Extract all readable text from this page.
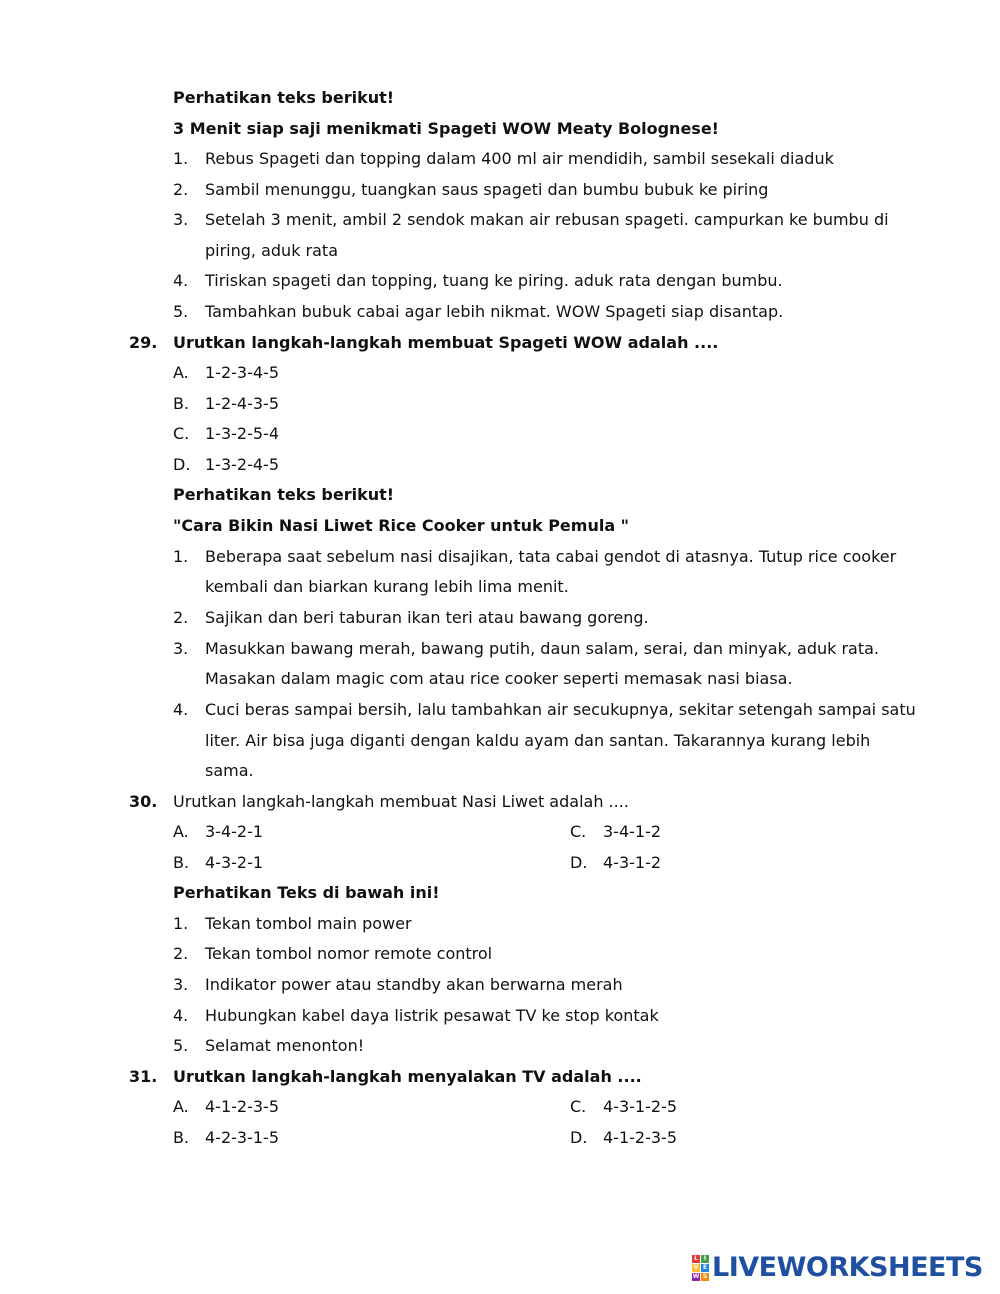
Perhatikan teks berikut!
3 Menit siap saji menikmati Spageti WOW Meaty Bolognese!
1. Rebus Spageti dan topping dalam 400 ml air mendidih, sambil sesekali diaduk
2. Sambil menunggu, tuangkan saus spageti dan bumbu bubuk ke piring
3. Setelah 3 menit, ambil 2 sendok makan air rebusan spageti. campurkan ke bumbu di
piring, aduk rata
4. Tiriskan spageti dan topping, tuang ke piring. aduk rata dengan bumbu.
5. Tambahkan bubuk cabai agar lebih nikmat. WOW Spageti siap disantap.
29. Urutkan langkah-langkah membuat Spageti WOW adalah ....
A. 1-2-3-4-5
B. 1-2-4-3-5
C. 1-3-2-5-4
D. 1-3-2-4-5
Perhatikan teks berikut!
"Cara Bikin Nasi Liwet Rice Cooker untuk Pemula "
1. Beberapa saat sebelum nasi disajikan, tata cabai gendot di atasnya. Tutup rice cooker
kembali dan biarkan kurang lebih lima menit.
2. Sajikan dan beri taburan ikan teri atau bawang goreng.
3. Masukkan bawang merah, bawang putih, daun salam, serai, dan minyak, aduk rata.
Masakan dalam magic com atau rice cooker seperti memasak nasi biasa.
4. Cuci beras sampai bersih, lalu tambahkan air secukupnya, sekitar setengah sampai satu
liter. Air bisa juga diganti dengan kaldu ayam dan santan. Takarannya kurang lebih
sama.
30. Urutkan langkah-langkah membuat Nasi Liwet adalah ....
A. 3-4-2-1	C. 3-4-1-2
B. 4-3-2-1	D. 4-3-1-2
Perhatikan Teks di bawah ini!
1. Tekan tombol main power
2. Tekan tombol nomor remote control
3. Indikator power atau standby akan berwarna merah
4. Hubungkan kabel daya listrik pesawat TV ke stop kontak
5. Selamat menonton!
31. Urutkan langkah-langkah menyalakan TV adalah ....
A. 4-1-2-3-5	C. 4-3-1-2-5
B. 4-2-3-1-5	D. 4-1-2-3-5
L I
V E
W S LIVEWORKSHEETS
